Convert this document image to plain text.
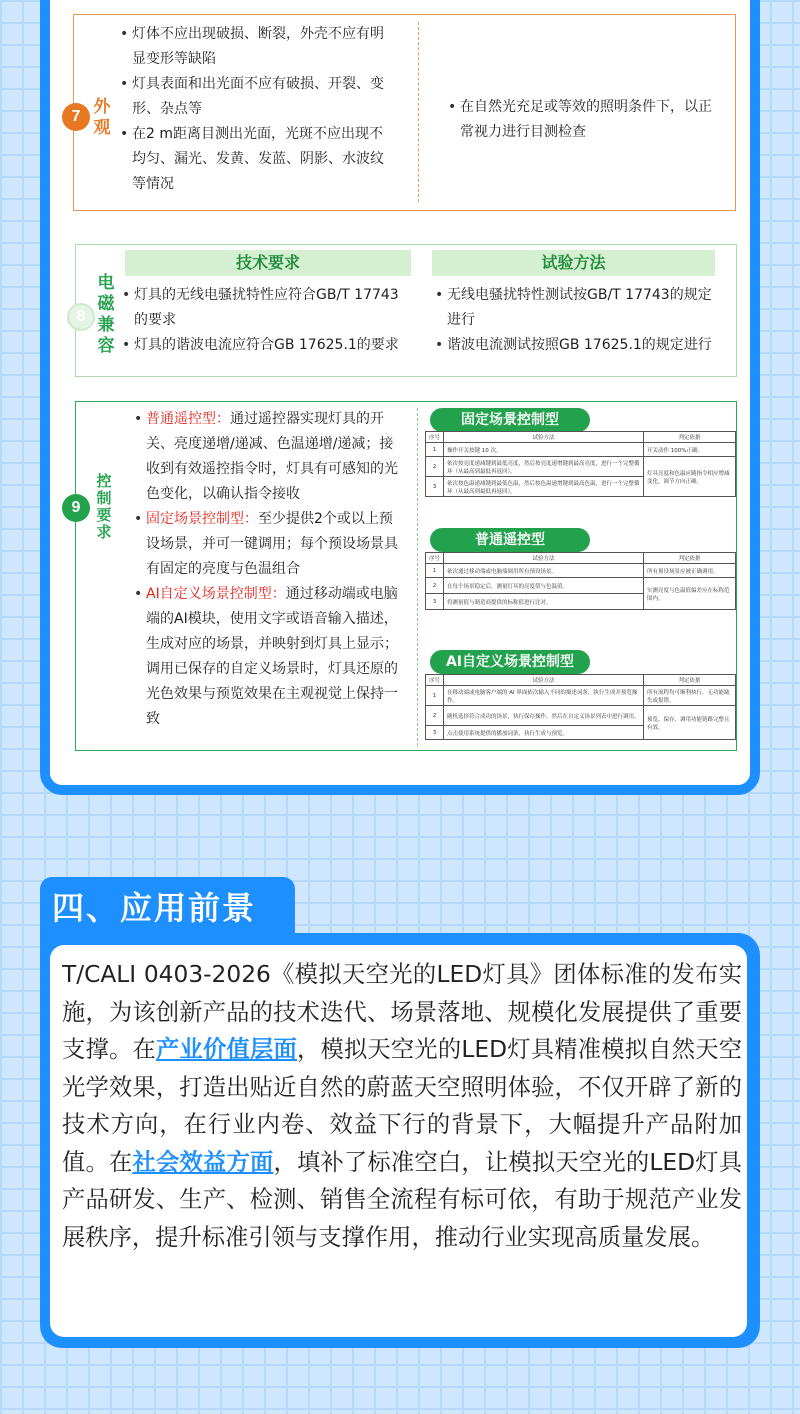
7 外
观
• 灯体不应出现破损、断裂，外壳不应有明显变形等缺陷
• 灯具表面和出光面不应有破损、开裂、变形、杂点等
• 在2 m距离目测出光面，光斑不应出现不均匀、漏光、发黄、发蓝、阴影、水波纹等情况
• 在自然光充足或等效的照明条件下，以正常视力进行目测检查
技术要求	试验方法
8
电
磁
兼
容
• 灯具的无线电骚扰特性应符合GB/T 17743的要求
• 灯具的谐波电流应符合GB 17625.1的要求
• 无线电骚扰特性测试按GB/T 17743的规定进行
• 谐波电流测试按照GB 17625.1的规定进行
9
控
制
要
求
• 普通遥控型：通过遥控器实现灯具的开关、亮度递增/递减、色温递增/递减；接收到有效遥控指令时，灯具有可感知的光色变化，以确认指令接收
• 固定场景控制型：至少提供2个或以上预设场景，并可一键调用；每个预设场景具有固定的亮度与色温组合
• AI自定义场景控制型：通过移动端或电脑端的AI模块，使用文字或语音输入描述，生成对应的场景，并映射到灯具上显示；调用已保存的自定义场景时，灯具还原的光色效果与预览效果在主观视觉上保持一致
固定场景控制型
序号	试验方法	判定依据
1	操作开关按键 10 次。	开关动作 100%正确。
2	依次按亮度递减键到最低亮度，然后按亮度递增键到最高亮度，进行一个完整循环（从最高到最低再返回）。	灯具亮度和色温应随指令相应增减变化，调节方向正确。
3	依次按色温递减键到最低色温，然后按色温递增键到最高色温，进行一个完整循环（从最高到最低再返回）。	
普通遥控型
序号	试验方法	判定依据
1	依次通过移动端或电脑端调用所有预设场景。	所有预设场景应被正确调用。
2	在每个场景稳定后，测量灯具的亮度值与色温值。	实测亮度与色温值偏差应在标称范围内。
3	将测量值与制造商提供的标称值进行比对。	
AI自定义场景控制型
序号	试验方法	判定依据
1	在移动端或电脑客户端的 AI 界面依次输入不同的描述词条，执行生成并预览操作。	所有流程均可顺利执行，无功能缺失或报错。
2	随机选择符合成功的场景，执行保存操作，然后在自定义场景列表中进行调用。	预览、保存、调用功能链路完整且有效。
3	点击使用系统提供的播放词条，执行生成与预览。	
四、应用前景
T/CALI 0403-2026《模拟天空光的LED灯具》团体标准的发布实施，为该创新产品的技术迭代、场景落地、规模化发展提供了重要支撑。在产业价值层面，模拟天空光的LED灯具精准模拟自然天空光学效果，打造出贴近自然的蔚蓝天空照明体验，不仅开辟了新的技术方向，在行业内卷、效益下行的背景下，大幅提升产品附加值。在社会效益方面，填补了标准空白，让模拟天空光的LED灯具产品研发、生产、检测、销售全流程有标可依，有助于规范产业发展秩序，提升标准引领与支撑作用，推动行业实现高质量发展。
